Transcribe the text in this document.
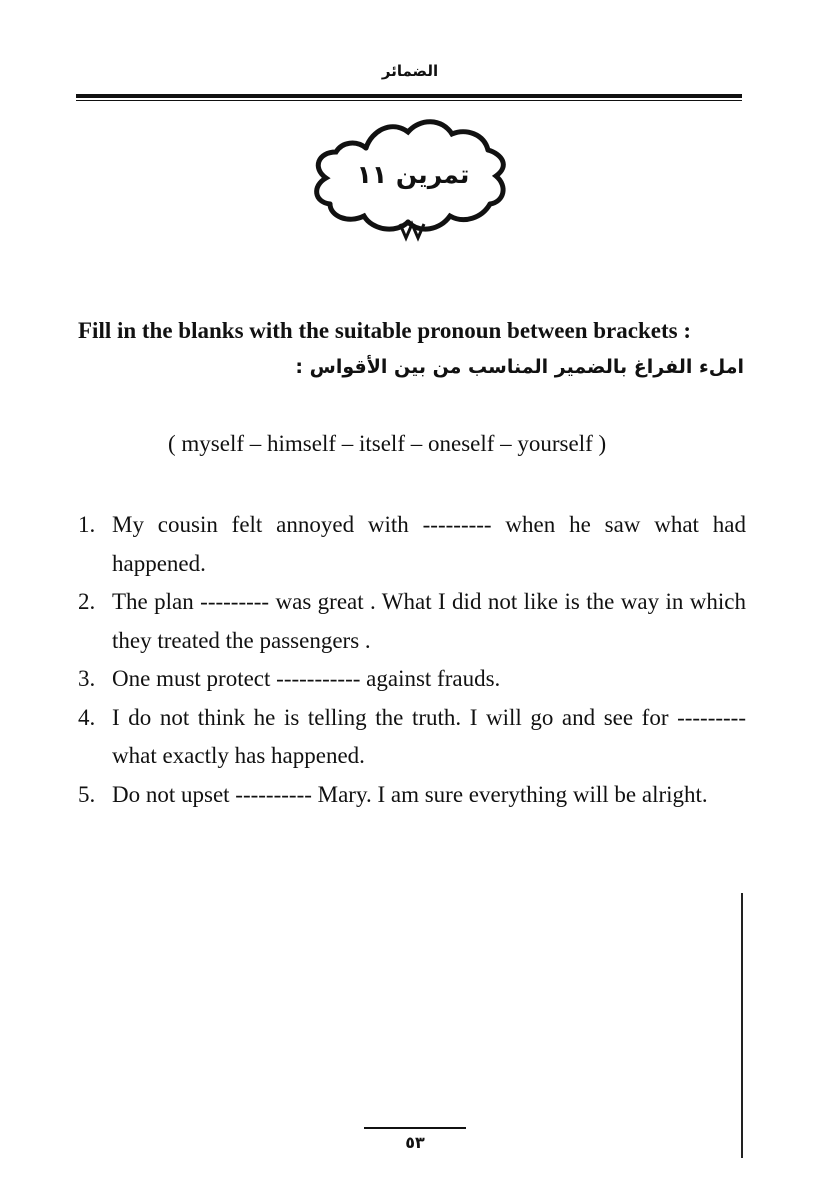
الضمائر
تمرين ١١
Fill in the blanks with the suitable pronoun between brackets :
املء الفراغ بالضمير المناسب من بين الأقواس :
( myself – himself – itself – oneself – yourself )
1. My cousin felt annoyed with --------- when he saw what had happened.
2. The plan --------- was great . What I did not like is the way in which they treated the passengers .
3. One must protect ----------- against frauds.
4. I do not think he is telling the truth. I will go and see for --------- what exactly has happened.
5. Do not upset ---------- Mary. I am sure everything will be alright.
٥٣
